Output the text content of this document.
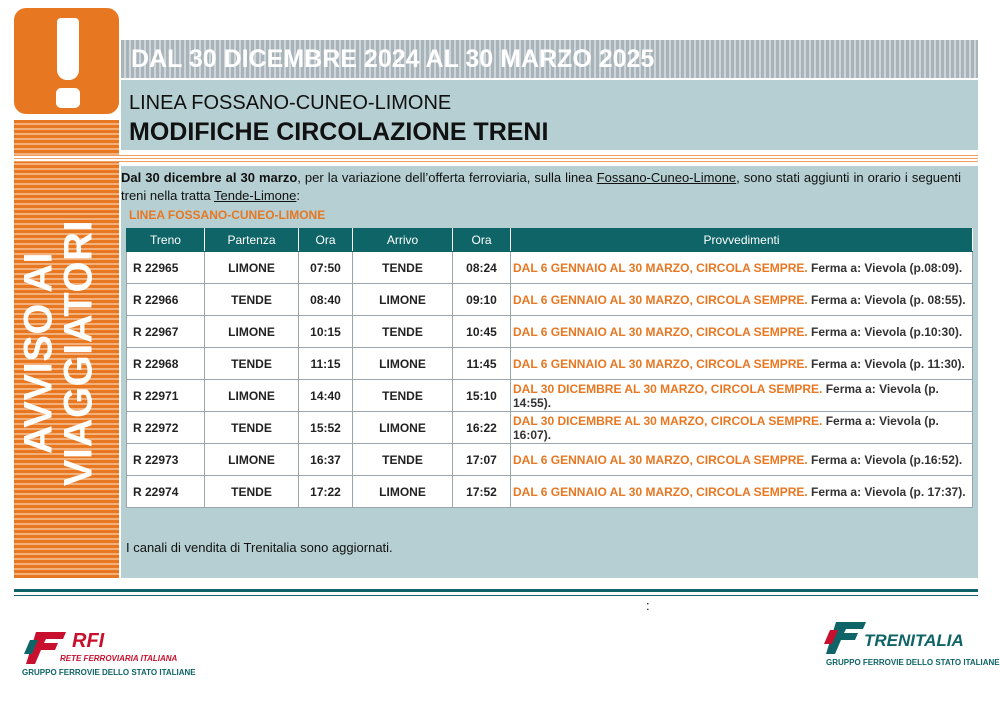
AVVISO AI
VIAGGIATORI
DAL 30 DICEMBRE 2024 AL 30 MARZO 2025
LINEA FOSSANO-CUNEO-LIMONE
MODIFICHE CIRCOLAZIONE TRENI
Dal 30 dicembre al 30 marzo, per la variazione dell’offerta ferroviaria, sulla linea Fossano-Cuneo-Limone, sono stati aggiunti in orario i seguenti treni nella tratta Tende-Limone:
LINEA FOSSANO-CUNEO-LIMONE
Treno	Partenza	Ora	Arrivo	Ora	Provvedimenti
R 22965	LIMONE	07:50	TENDE	08:24	DAL 6 GENNAIO AL 30 MARZO, CIRCOLA SEMPRE. Ferma a: Vievola (p.08:09).
R 22966	TENDE	08:40	LIMONE	09:10	DAL 6 GENNAIO AL 30 MARZO, CIRCOLA SEMPRE. Ferma a: Vievola (p. 08:55).
R 22967	LIMONE	10:15	TENDE	10:45	DAL 6 GENNAIO AL 30 MARZO, CIRCOLA SEMPRE. Ferma a: Vievola (p.10:30).
R 22968	TENDE	11:15	LIMONE	11:45	DAL 6 GENNAIO AL 30 MARZO, CIRCOLA SEMPRE. Ferma a: Vievola (p. 11:30).
R 22971	LIMONE	14:40	TENDE	15:10	DAL 30 DICEMBRE AL 30 MARZO, CIRCOLA SEMPRE. Ferma a: Vievola (p. 14:55).
R 22972	TENDE	15:52	LIMONE	16:22	DAL 30 DICEMBRE AL 30 MARZO, CIRCOLA SEMPRE. Ferma a: Vievola (p. 16:07).
R 22973	LIMONE	16:37	TENDE	17:07	DAL 6 GENNAIO AL 30 MARZO, CIRCOLA SEMPRE. Ferma a: Vievola (p.16:52).
R 22974	TENDE	17:22	LIMONE	17:52	DAL 6 GENNAIO AL 30 MARZO, CIRCOLA SEMPRE. Ferma a: Vievola (p. 17:37).
I canali di vendita di Trenitalia sono aggiornati.
:
RFI
RETE FERROVIARIA ITALIANA
GRUPPO FERROVIE DELLO STATO ITALIANE
TRENITALIA
GRUPPO FERROVIE DELLO STATO ITALIANE
